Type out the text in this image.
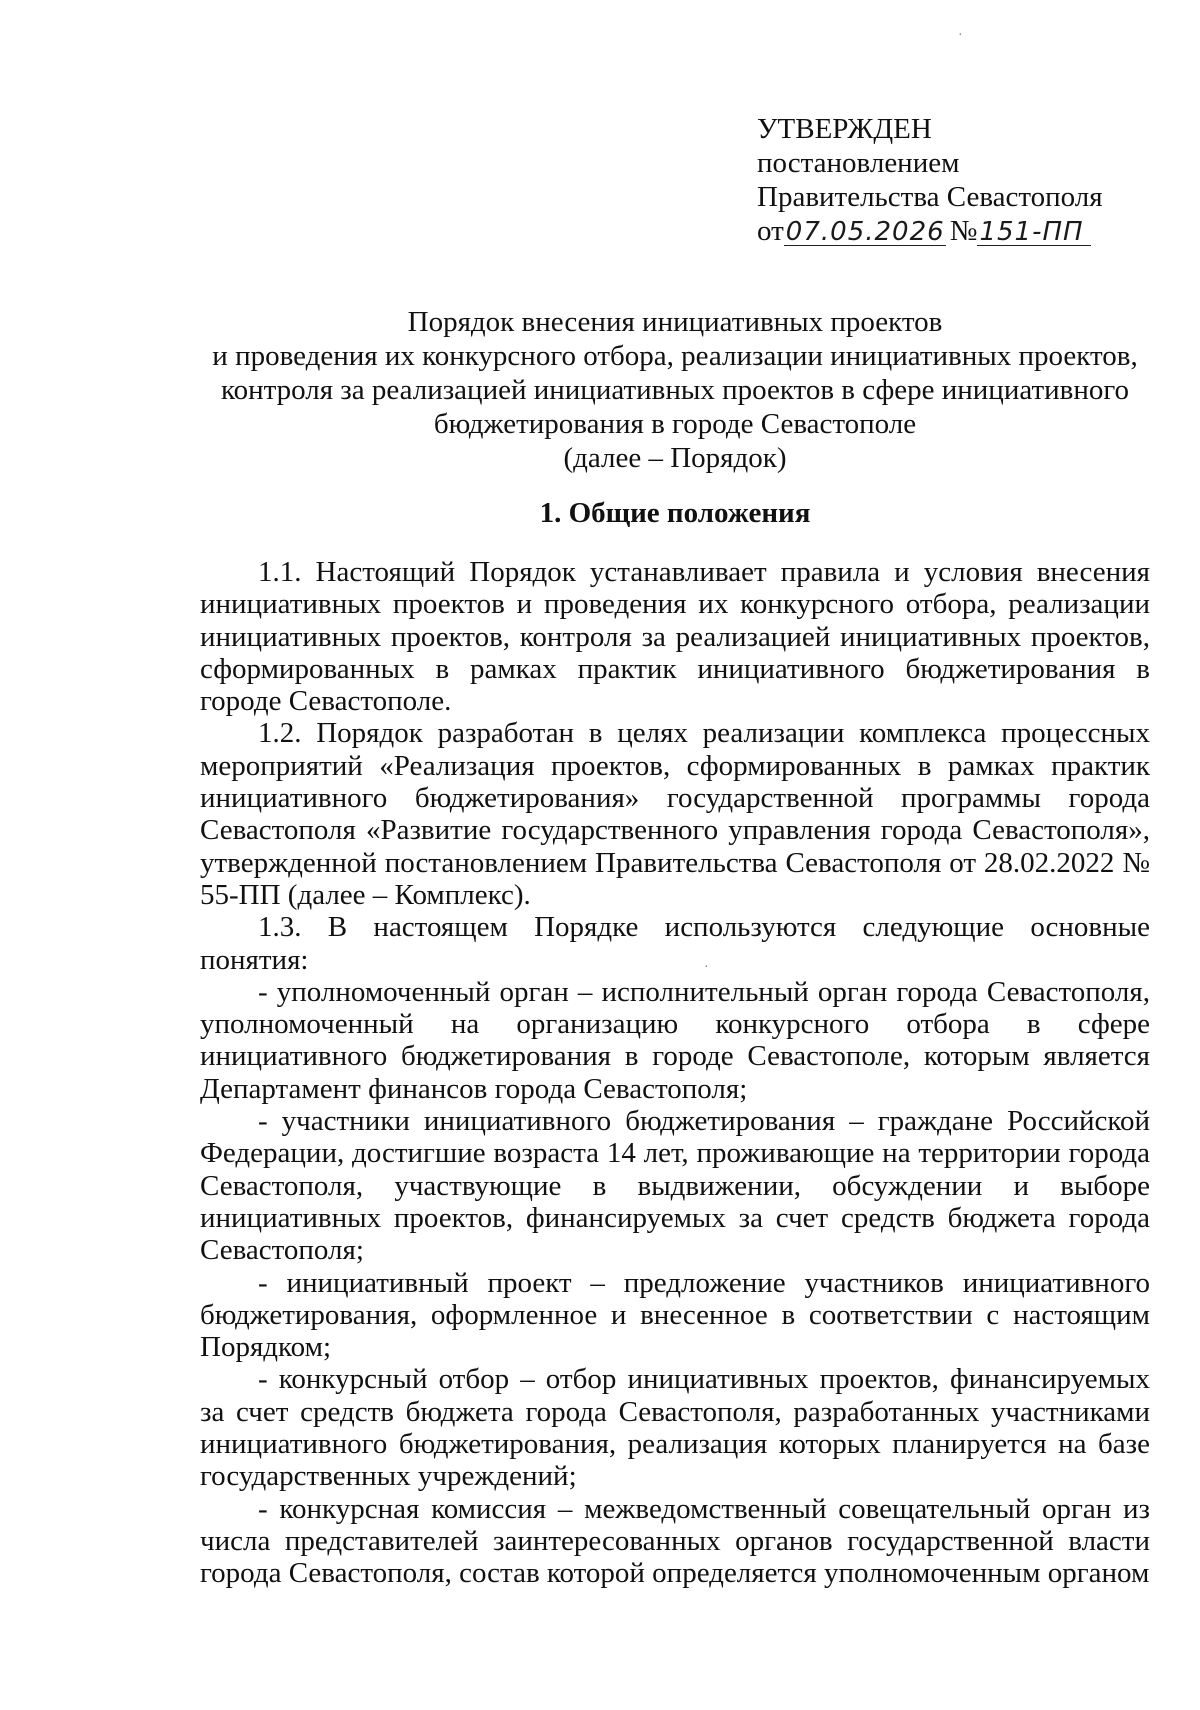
УТВЕРЖДЕН
постановлением
Правительства Севастополя
от 07.05.2026 № 151-ПП
Порядок внесения инициативных проектов
и проведения их конкурсного отбора, реализации инициативных проектов,
контроля за реализацией инициативных проектов в сфере инициативного
бюджетирования в городе Севастополе
(далее – Порядок)
1. Общие положения

1.1. Настоящий Порядок устанавливает правила и условия внесения инициативных проектов и проведения их конкурсного отбора, реализации инициативных проектов, контроля за реализацией инициативных проектов, сформированных в рамках практик инициативного бюджетирования в городе Севастополе.

1.2. Порядок разработан в целях реализации комплекса процессных мероприятий «Реализация проектов, сформированных в рамках практик инициативного бюджетирования» государственной программы города Севастополя «Развитие государственного управления города Севастополя», утвержденной постановлением Правительства Севастополя от 28.02.2022 № 55-ПП (далее – Комплекс).

1.3. В настоящем Порядке используются следующие основные понятия:

- уполномоченный орган – исполнительный орган города Севастополя, уполномоченный на организацию конкурсного отбора в сфере инициативного бюджетирования в городе Севастополе, которым является Департамент финансов города Севастополя;

- участники инициативного бюджетирования – граждане Российской Федерации, достигшие возраста 14 лет, проживающие на территории города Севастополя, участвующие в выдвижении, обсуждении и выборе инициативных проектов, финансируемых за счет средств бюджета города Севастополя;

- инициативный проект – предложение участников инициативного бюджетирования, оформленное и внесенное в соответствии с настоящим Порядком;

- конкурсный отбор – отбор инициативных проектов, финансируемых за счет средств бюджета города Севастополя, разработанных участниками инициативного бюджетирования, реализация которых планируется на базе государственных учреждений;

- конкурсная комиссия – межведомственный совещательный орган из числа представителей заинтересованных органов государственной власти города Севастополя, состав которой определяется уполномоченным органом

·
·
